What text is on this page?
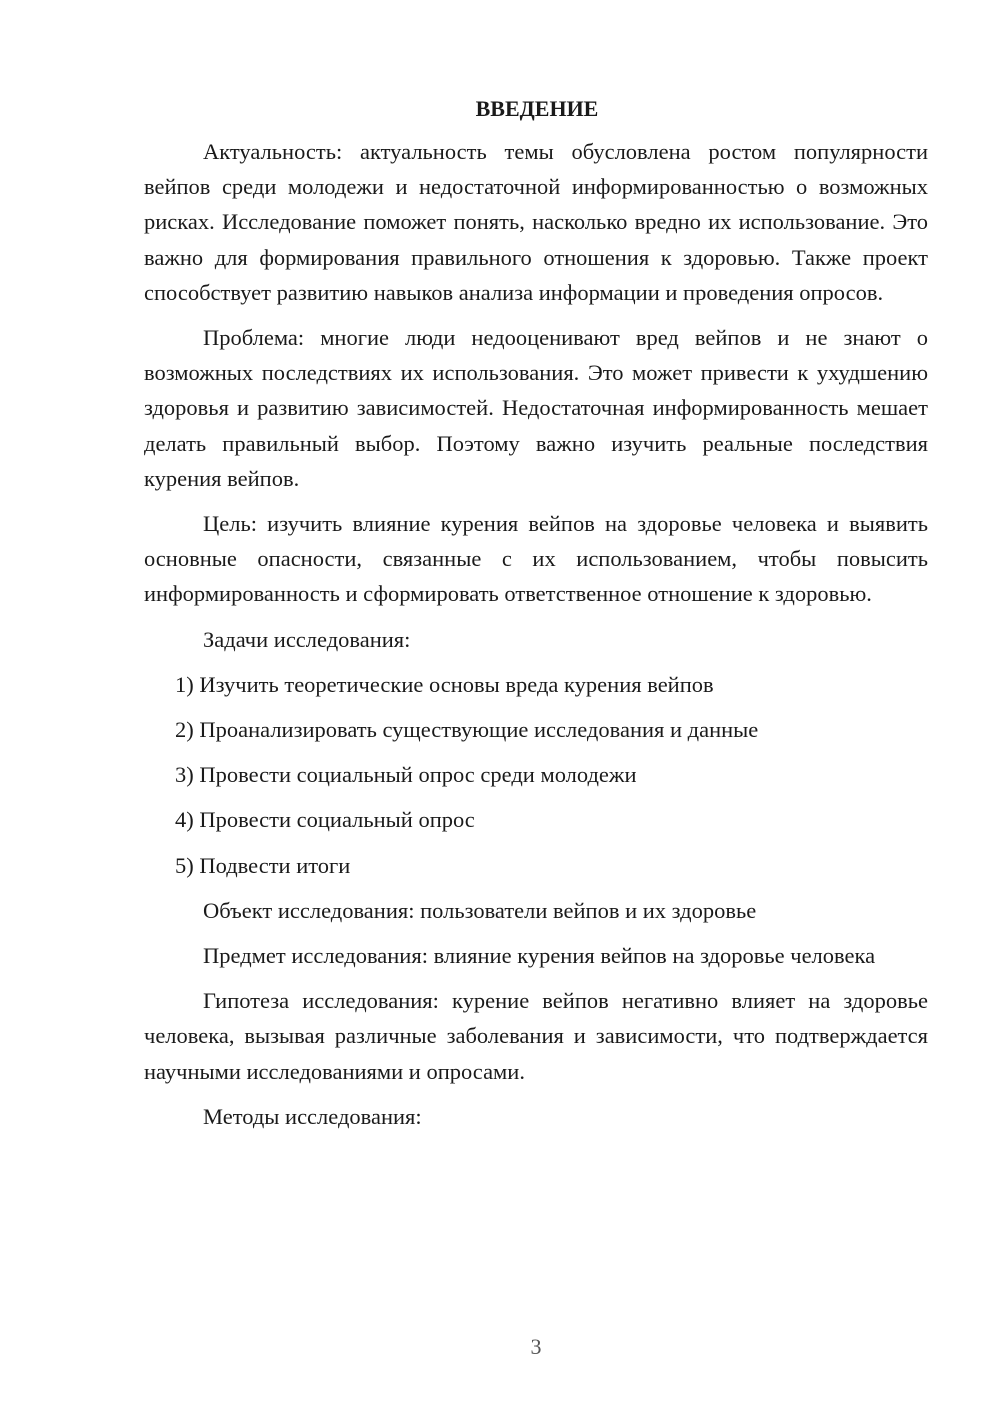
ВВЕДЕНИЕ

Актуальность: актуальность темы обусловлена ростом популярности вейпов среди молодежи и недостаточной информированностью о возможных рисках. Исследование поможет понять, насколько вредно их использование. Это важно для формирования правильного отношения к здоровью. Также проект способствует развитию навыков анализа информации и проведения опросов.

Проблема: многие люди недооценивают вред вейпов и не знают о возможных последствиях их использования. Это может привести к ухудшению здоровья и развитию зависимостей. Недостаточная информированность мешает делать правильный выбор. Поэтому важно изучить реальные последствия курения вейпов.

Цель: изучить влияние курения вейпов на здоровье человека и выявить основные опасности, связанные с их использованием, чтобы повысить информированность и сформировать ответственное отношение к здоровью.

Задачи исследования:

1) Изучить теоретические основы вреда курения вейпов
2) Проанализировать существующие исследования и данные
3) Провести социальный опрос среди молодежи
4) Провести социальный опрос
5) Подвести итоги

Объект исследования: пользователи вейпов и их здоровье

Предмет исследования: влияние курения вейпов на здоровье человека

Гипотеза исследования: курение вейпов негативно влияет на здоровье человека, вызывая различные заболевания и зависимости, что подтверждается научными исследованиями и опросами.

Методы исследования:

3
